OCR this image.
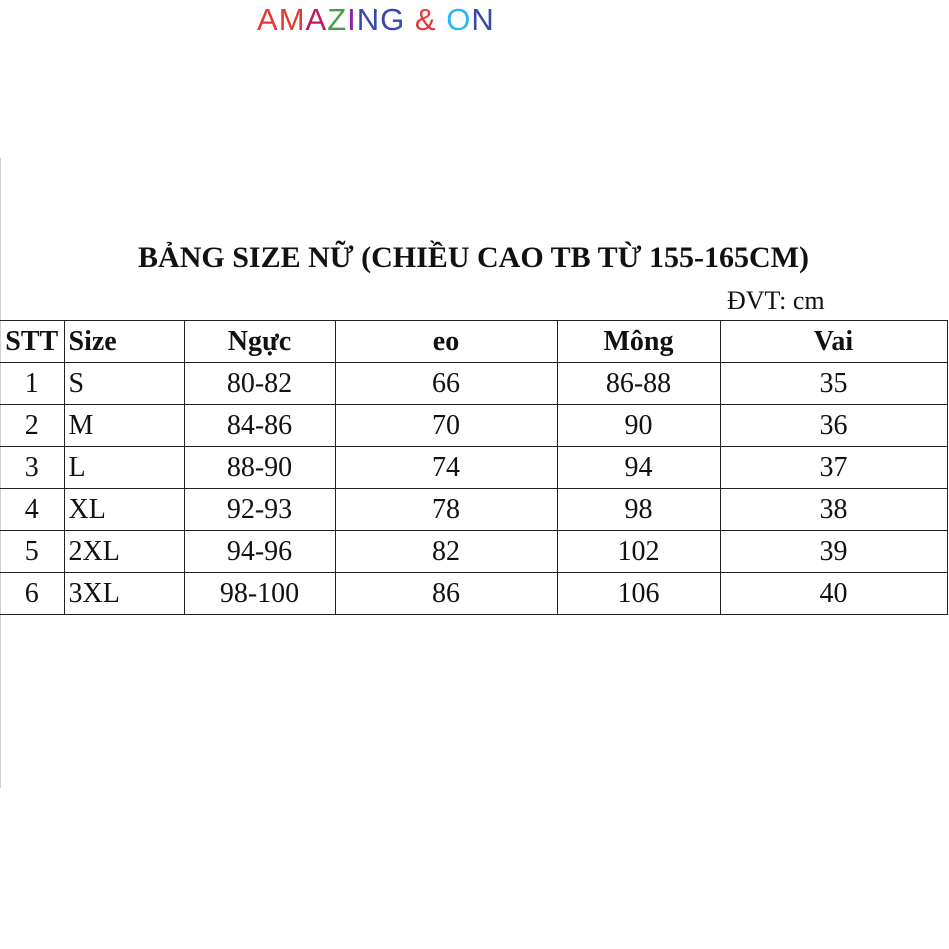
AMAZING & ON
BẢNG SIZE NỮ (CHIỀU CAO TB TỪ 155-165CM)
ĐVT: cm
STT	Size	Ngực	eo	Mông	Vai
1	S	80-82	66	86-88	35
2	M	84-86	70	90	36
3	L	88-90	74	94	37
4	XL	92-93	78	98	38
5	2XL	94-96	82	102	39
6	3XL	98-100	86	106	40
